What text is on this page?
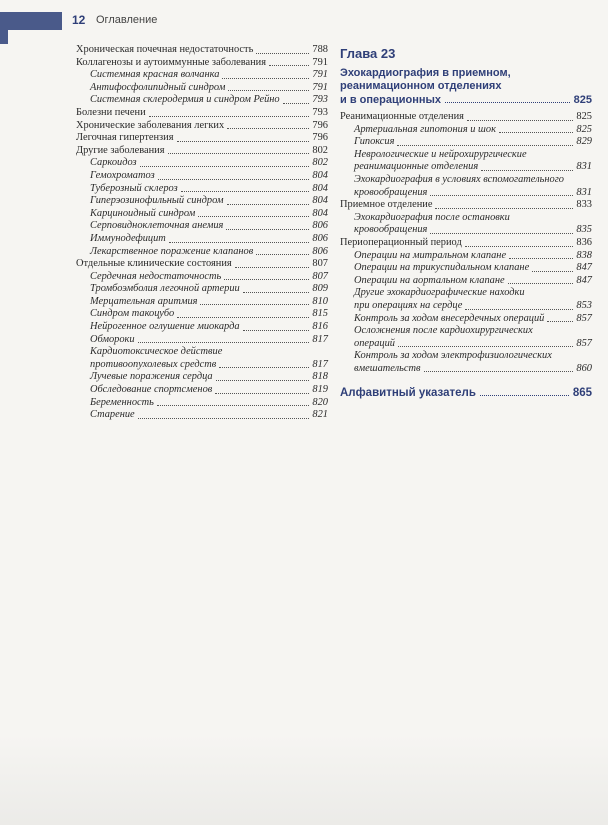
12 Оглавление
Хроническая почечная недостаточность	788
Коллагенозы и аутоиммунные заболевания	791
Системная красная волчанка	791
Антифосфолипидный синдром	791
Системная склеродермия и синдром Рейно	793
Болезни печени	793
Хронические заболевания легких	796
Легочная гипертензия	796
Другие заболевания	802
Саркоидоз	802
Гемохроматоз	804
Туберозный склероз	804
Гиперэозинофильный синдром	804
Карциноидный синдром	804
Серповидноклеточная анемия	806
Иммунодефицит	806
Лекарственное поражение клапанов	806
Отдельные клинические состояния	807
Сердечная недостаточность	807
Тромбоэмболия легочной артерии	809
Мерцательная аритмия	810
Синдром такоцубо	815
Нейрогенное оглушение миокарда	816
Обмороки	817
Кардиотоксическое действие
противоопухолевых средств	817
Лучевые поражения сердца	818
Обследование спортсменов	819
Беременность	820
Старение	821
Глава 23
Эхокардиография в приемном,
реанимационном отделениях
и в операционных	825
Реанимационные отделения	825
Артериальная гипотония и шок	825
Гипоксия	829
Неврологические и нейрохирургические
реанимационные отделения	831
Эхокардиография в условиях вспомогательного
кровообращения	831
Приемное отделение	833
Эхокардиография после остановки
кровообращения	835
Периоперационный период	836
Операции на митральном клапане	838
Операции на трикуспидальном клапане	847
Операции на аортальном клапане	847
Другие эхокардиографические находки
при операциях на сердце	853
Контроль за ходом внесердечных операций	857
Осложнения после кардиохирургических
операций	857
Контроль за ходом электрофизиологических
вмешательств	860
Алфавитный указатель	865
